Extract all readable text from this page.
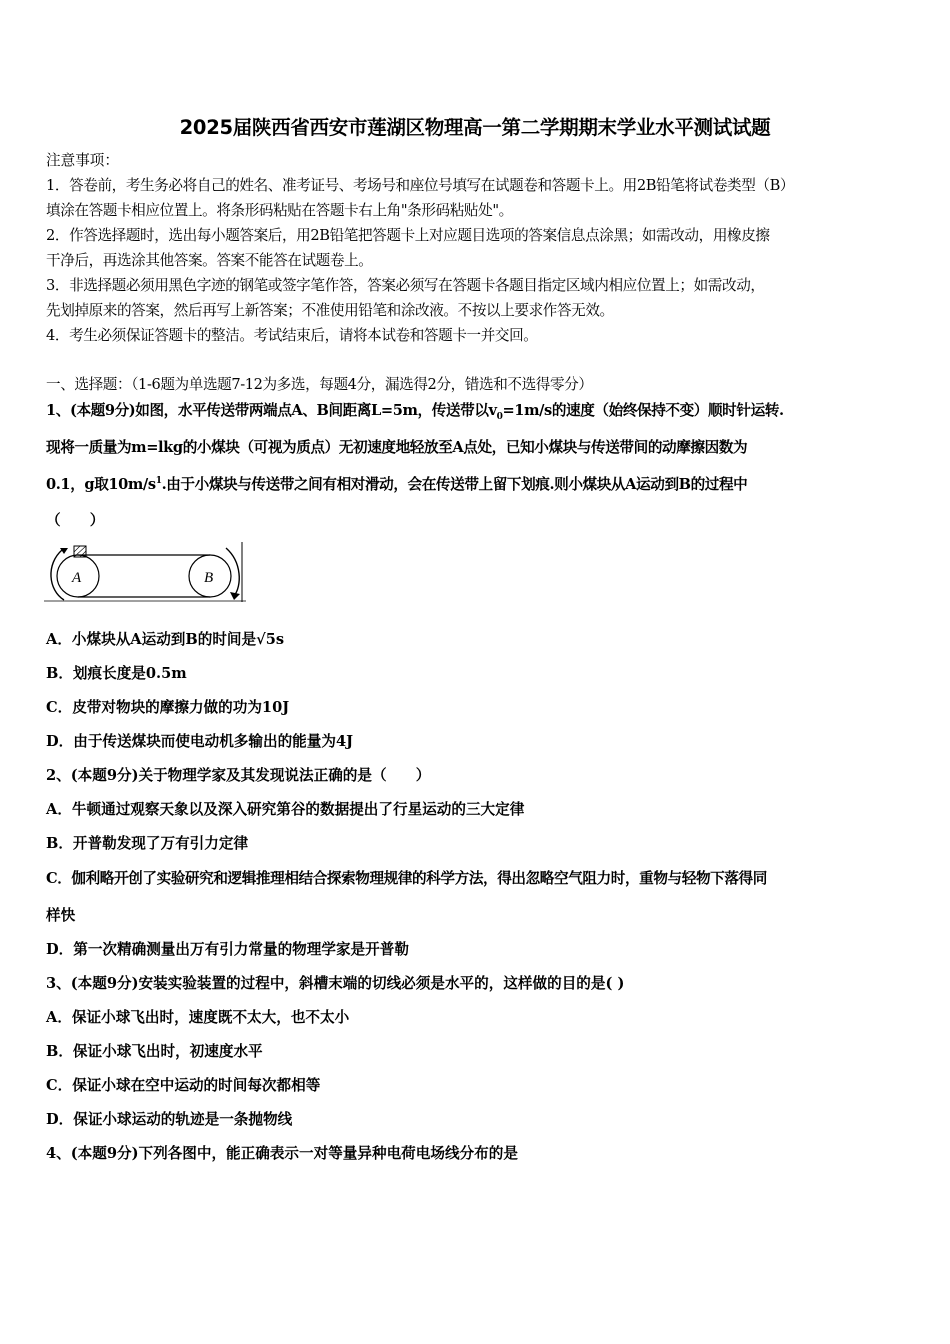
2025届陕西省西安市莲湖区物理高一第二学期期末学业水平测试试题
注意事项：
1．答卷前，考生务必将自己的姓名、准考证号、考场号和座位号填写在试题卷和答题卡上。用2B铅笔将试卷类型（B）
填涂在答题卡相应位置上。将条形码粘贴在答题卡右上角"条形码粘贴处"。
2．作答选择题时，选出每小题答案后，用2B铅笔把答题卡上对应题目选项的答案信息点涂黑；如需改动，用橡皮擦
干净后，再选涂其他答案。答案不能答在试题卷上。
3．非选择题必须用黑色字迹的钢笔或签字笔作答，答案必须写在答题卡各题目指定区域内相应位置上；如需改动，
先划掉原来的答案，然后再写上新答案；不准使用铅笔和涂改液。不按以上要求作答无效。
4．考生必须保证答题卡的整洁。考试结束后，请将本试卷和答题卡一并交回。
一、选择题：（1-6题为单选题7-12为多选，每题4分，漏选得2分，错选和不选得零分）
1、(本题9分)如图，水平传送带两端点A、B间距离L=5m，传送带以$v_0=1m/s$的速度（始终保持不变）顺时针运转.
现将一质量为m=lkg的小煤块（可视为质点）无初速度地轻放至A点处，已知小煤块与传送带间的动摩擦因数为
0.1，g取$10m/s^1$.由于小煤块与传送带之间有相对滑动，会在传送带上留下划痕.则小煤块从A运动到B的过程中
（　　）
A	B
A．小煤块从A运动到B的时间是√5s
B．划痕长度是0.5m
C．皮带对物块的摩擦力做的功为10J
D．由于传送煤块而使电动机多输出的能量为4J
2、(本题9分)关于物理学家及其发现说法正确的是（　　）
A．牛顿通过观察天象以及深入研究第谷的数据提出了行星运动的三大定律
B．开普勒发现了万有引力定律
C．伽利略开创了实验研究和逻辑推理相结合探索物理规律的科学方法，得出忽略空气阻力时，重物与轻物下落得同
样快
D．第一次精确测量出万有引力常量的物理学家是开普勒
3、(本题9分)安装实验装置的过程中，斜槽末端的切线必须是水平的，这样做的目的是( )
A．保证小球飞出时，速度既不太大，也不太小
B．保证小球飞出时，初速度水平
C．保证小球在空中运动的时间每次都相等
D．保证小球运动的轨迹是一条抛物线
4、(本题9分)下列各图中，能正确表示一对等量异种电荷电场线分布的是
